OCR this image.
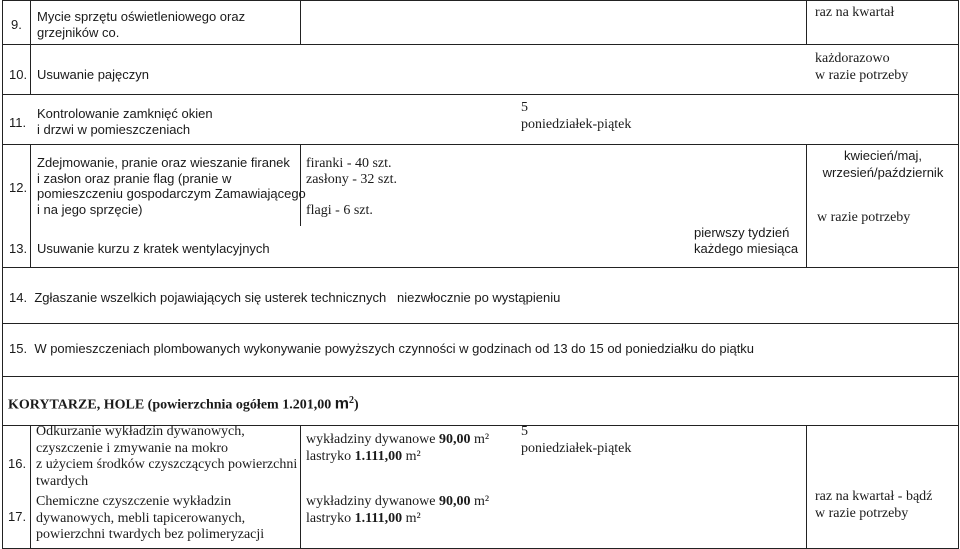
9.
Mycie sprzętu oświetleniowego oraz
grzejników co.
raz na kwartał
10. Usuwanie pajęczyn
każdorazowo
w razie potrzeby
11.
Kontrolowanie zamknięć okien
i drzwi w pomieszczeniach
5
poniedziałek-piątek
12.
Zdejmowanie, pranie oraz wieszanie firanek
i zasłon oraz pranie flag (pranie w
pomieszczeniu gospodarczym Zamawiającego
i na jego sprzęcie)
firanki - 40 szt.
zasłony - 32 szt.
flagi - 6 szt.
kwiecień/maj,
wrzesień/październik
13. Usuwanie kurzu z kratek wentylacyjnych
pierwszy tydzień
każdego miesiąca
w razie potrzeby
14. Zgłaszanie wszelkich pojawiających się usterek technicznych   niezwłocznie po wystąpieniu
15. W pomieszczeniach plombowanych wykonywanie powyższych czynności w godzinach od 13 do 15 od poniedziałku do piątku
KORYTARZE, HOLE (powierzchnia ogółem 1.201,00 $m^2$)
16.
Odkurzanie wykładzin dywanowych,
czyszczenie i zmywanie na mokro
z użyciem środków czyszczących powierzchni
twardych
wykładziny dywanowe 90,00 m²
lastryko 1.111,00 m²
5
poniedziałek-piątek
17.
Chemiczne czyszczenie wykładzin
dywanowych, mebli tapicerowanych,
powierzchni twardych bez polimeryzacji
wykładziny dywanowe 90,00 m²
lastryko 1.111,00 m²
raz na kwartał - bądź
w razie potrzeby
